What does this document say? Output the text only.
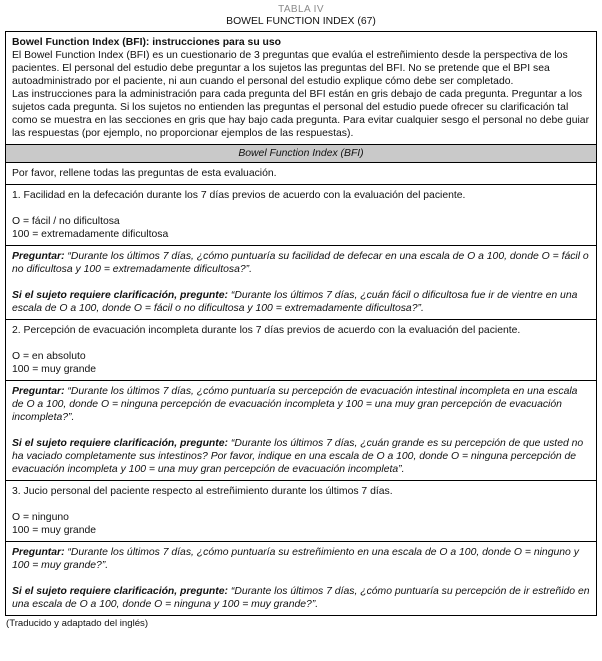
TABLA IV
BOWEL FUNCTION INDEX (67)

Bowel Function Index (BFI): instrucciones para su uso

El Bowel Function Index (BFI) es un cuestionario de 3 preguntas que evalúa el estreñimiento desde la perspectiva de los pacientes. El personal del estudio debe preguntar a los sujetos las preguntas del BFI. No se pretende que el BPI sea autoadministrado por el paciente, ni aun cuando el personal del estudio explique cómo debe ser completado.

Las instrucciones para la administración para cada pregunta del BFI están en gris debajo de cada pregunta. Preguntar a los sujetos cada pregunta. Si los sujetos no entienden las preguntas el personal del estudio puede ofrecer su clarificación tal como se muestra en las secciones en gris que hay bajo cada pregunta. Para evitar cualquier sesgo el personal no debe guiar las respuestas (por ejemplo, no proporcionar ejemplos de las respuestas).

Bowel Function Index (BFI)

Por favor, rellene todas las preguntas de esta evaluación.

1. Facilidad en la defecación durante los 7 días previos de acuerdo con la evaluación del paciente.

O = fácil / no dificultosa

100 = extremadamente dificultosa

Preguntar: “Durante los últimos 7 días, ¿cómo puntuaría su facilidad de defecar en una escala de O a 100, donde O = fácil o no dificultosa y 100 = extremadamente dificultosa?”.

Si el sujeto requiere clarificación, pregunte: “Durante los últimos 7 días, ¿cuán fácil o dificultosa fue ir de vientre en una escala de O a 100, donde O = fácil o no dificultosa y 100 = extremadamente dificultosa?”.

2. Percepción de evacuación incompleta durante los 7 días previos de acuerdo con la evaluación del paciente.

O = en absoluto

100 = muy grande

Preguntar: “Durante los últimos 7 días, ¿cómo puntuaría su percepción de evacuación intestinal incompleta en una escala de O a 100, donde O = ninguna percepción de evacuación incompleta y 100 = una muy gran percepción de evacuación incompleta?”.

Si el sujeto requiere clarificación, pregunte: “Durante los últimos 7 días, ¿cuán grande es su percepción de que usted no ha vaciado completamente sus intestinos? Por favor, indique en una escala de O a 100, donde O = ninguna percepción de evacuación incompleta y 100 = una muy gran percepción de evacuación incompleta”.

3. Jucio personal del paciente respecto al estreñimiento durante los últimos 7 días.

O = ninguno

100 = muy grande

Preguntar: “Durante los últimos 7 días, ¿cómo puntuaría su estreñimiento en una escala de O a 100, donde O = ninguno y 100 = muy grande?”.

Si el sujeto requiere clarificación, pregunte: “Durante los últimos 7 días, ¿cómo puntuaría su percepción de ir estreñido en una escala de O a 100, donde O = ninguna y 100 = muy grande?”.

(Traducido y adaptado del inglés)
